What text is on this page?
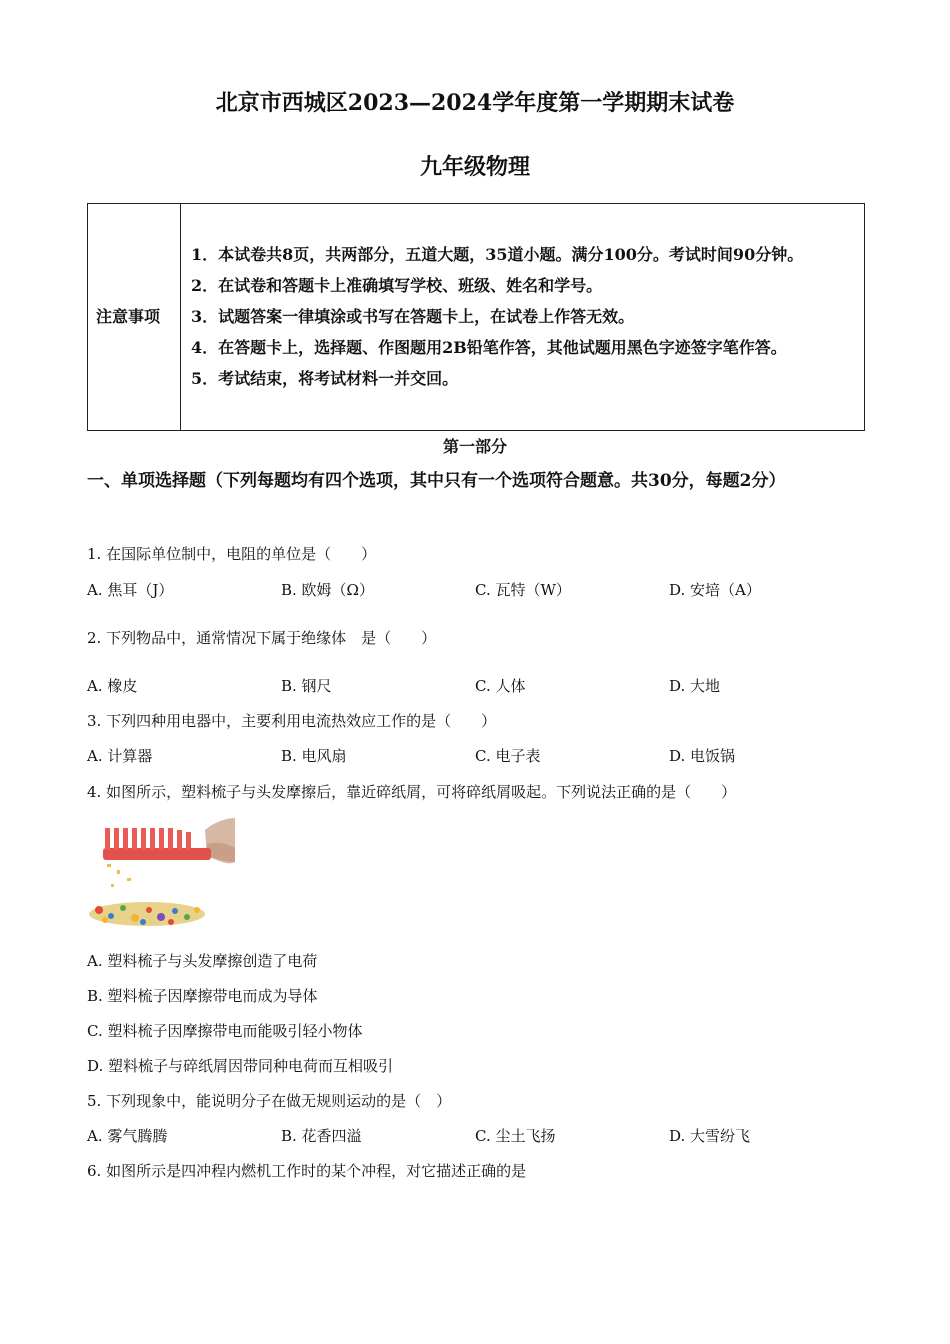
北京市西城区2023—2024学年度第一学期期末试卷
九年级物理
注意事项	

1．本试卷共8页，共两部分，五道大题，35道小题。满分100分。考试时间90分钟。

2．在试卷和答题卡上准确填写学校、班级、姓名和学号。

3．试题答案一律填涂或书写在答题卡上，在试卷上作答无效。

4．在答题卡上，选择题、作图题用2B铅笔作答，其他试题用黑色字迹签字笔作答。

5．考试结束，将考试材料一并交回。

第一部分
一、单项选择题（下列每题均有四个选项，其中只有一个选项符合题意。共30分，每题2分）
1. 在国际单位制中，电阻的单位是（　　）
A. 焦耳（J）	B. 欧姆（Ω）	C. 瓦特（W）	D. 安培（A）
2. 下列物品中，通常情况下属于绝缘体　是（　　）
A. 橡皮	B. 钢尺	C. 人体	D. 大地
3. 下列四种用电器中，主要利用电流热效应工作的是（　　）
A. 计算器	B. 电风扇	C. 电子表	D. 电饭锅
4. 如图所示，塑料梳子与头发摩擦后，靠近碎纸屑，可将碎纸屑吸起。下列说法正确的是（　　）
A. 塑料梳子与头发摩擦创造了电荷
B. 塑料梳子因摩擦带电而成为导体
C. 塑料梳子因摩擦带电而能吸引轻小物体
D. 塑料梳子与碎纸屑因带同种电荷而互相吸引
5. 下列现象中，能说明分子在做无规则运动的是（　）
A. 雾气腾腾	B. 花香四溢	C. 尘土飞扬	D. 大雪纷飞
6. 如图所示是四冲程内燃机工作时的某个冲程，对它描述正确的是
